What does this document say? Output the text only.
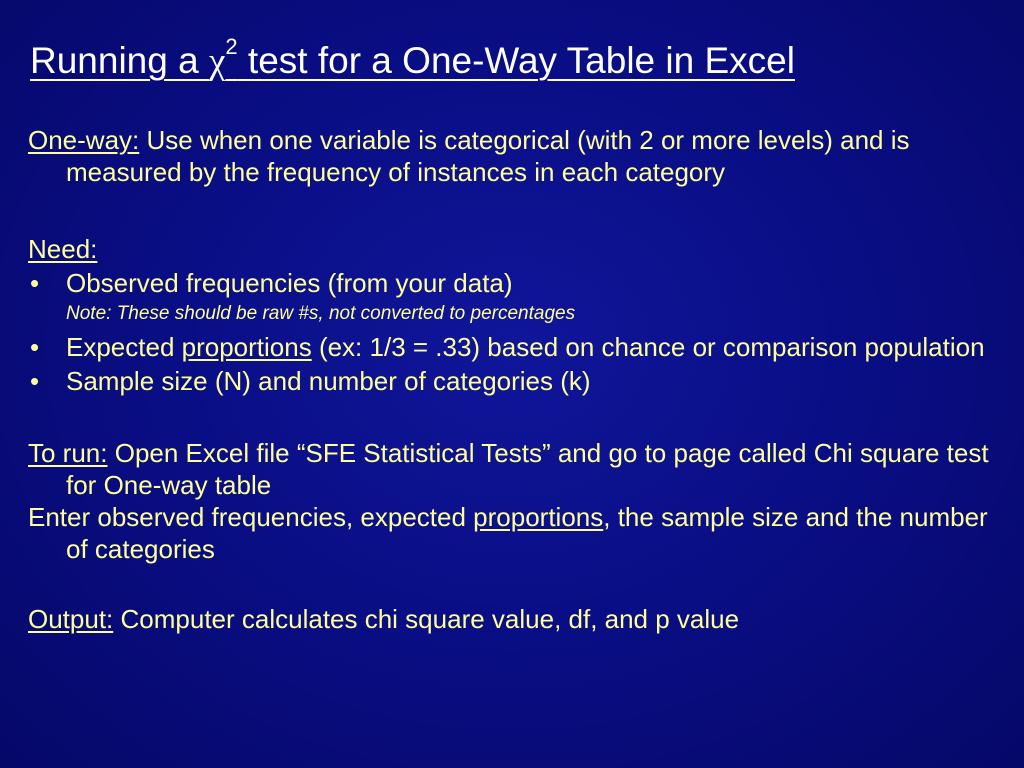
Running a $\chi^2$ test for a One-Way Table in Excel
One-way: Use when one variable is categorical (with 2 or more levels) and is measured by the frequency of instances in each category
Need:
• Observed frequencies (from your data)
Note: These should be raw #s, not converted to percentages
• Expected proportions (ex: 1/3 = .33) based on chance or comparison population
• Sample size (N) and number of categories (k)
To run: Open Excel file “SFE Statistical Tests” and go to page called Chi square test for One-way table
Enter observed frequencies, expected proportions, the sample size and the number of categories
Output: Computer calculates chi square value, df, and p value
